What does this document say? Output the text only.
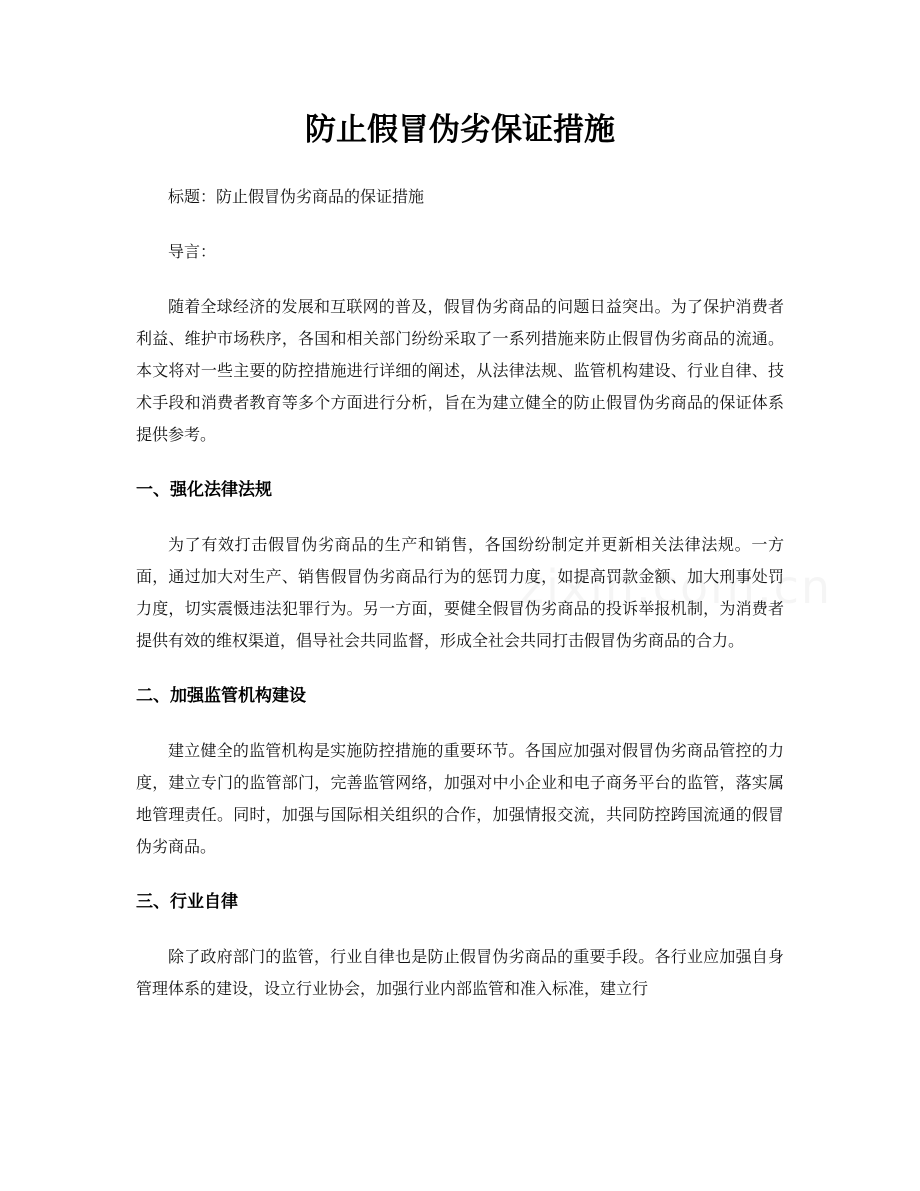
防止假冒伪劣保证措施

标题：防止假冒伪劣商品的保证措施

导言：

随着全球经济的发展和互联网的普及，假冒伪劣商品的问题日益突出。为了保护消费者利益、维护市场秩序，各国和相关部门纷纷采取了一系列措施来防止假冒伪劣商品的流通。本文将对一些主要的防控措施进行详细的阐述，从法律法规、监管机构建设、行业自律、技术手段和消费者教育等多个方面进行分析，旨在为建立健全的防止假冒伪劣商品的保证体系提供参考。

一、强化法律法规

为了有效打击假冒伪劣商品的生产和销售，各国纷纷制定并更新相关法律法规。一方面，通过加大对生产、销售假冒伪劣商品行为的惩罚力度，如提高罚款金额、加大刑事处罚力度，切实震慑违法犯罪行为。另一方面，要健全假冒伪劣商品的投诉举报机制，为消费者提供有效的维权渠道，倡导社会共同监督，形成全社会共同打击假冒伪劣商品的合力。

二、加强监管机构建设

建立健全的监管机构是实施防控措施的重要环节。各国应加强对假冒伪劣商品管控的力度，建立专门的监管部门，完善监管网络，加强对中小企业和电子商务平台的监管，落实属地管理责任。同时，加强与国际相关组织的合作，加强情报交流，共同防控跨国流通的假冒伪劣商品。

三、行业自律

除了政府部门的监管，行业自律也是防止假冒伪劣商品的重要手段。各行业应加强自身管理体系的建设，设立行业协会，加强行业内部监管和准入标准，建立行
